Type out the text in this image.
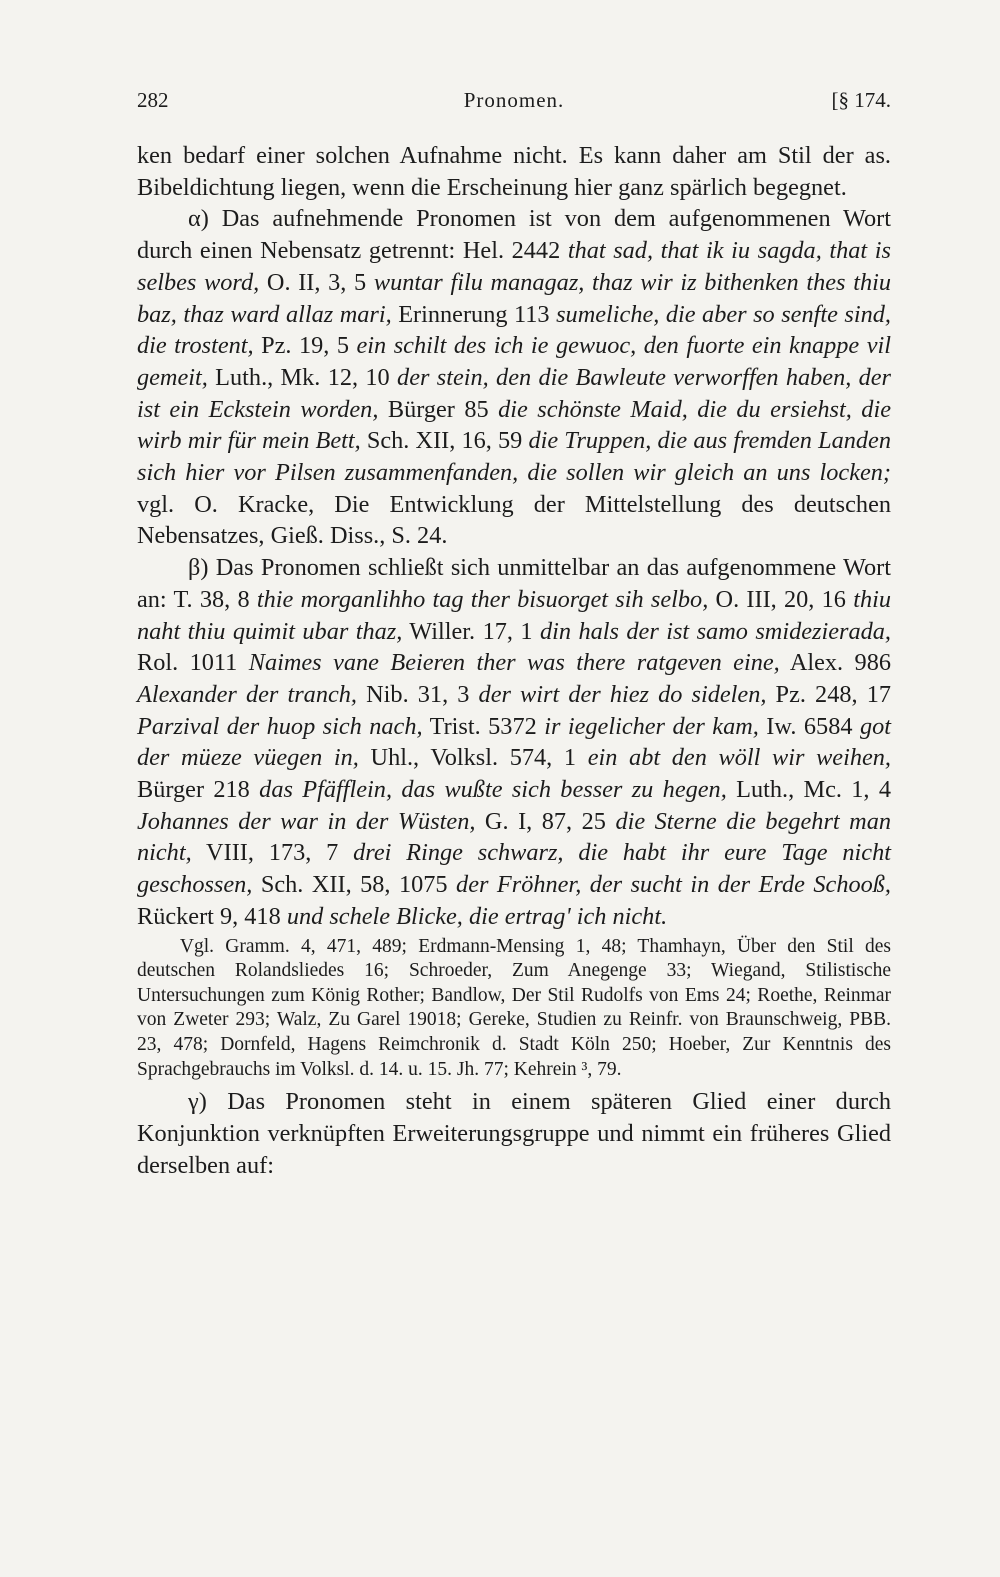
282	Pronomen.	[§ 174.

ken bedarf einer solchen Aufnahme nicht. Es kann daher am Stil der as. Bibeldichtung liegen, wenn die Erscheinung hier ganz spärlich begegnet.

α) Das aufnehmende Pronomen ist von dem aufgenommenen Wort durch einen Nebensatz getrennt: Hel. 2442 that sad, that ik iu sagda, that is selbes word, O. II, 3, 5 wuntar filu managaz, thaz wir iz bithenken thes thiu baz, thaz ward allaz mari, Erinnerung 113 sumeliche, die aber so senfte sind, die trostent, Pz. 19, 5 ein schilt des ich ie gewuoc, den fuorte ein knappe vil gemeit, Luth., Mk. 12, 10 der stein, den die Bawleute verworffen haben, der ist ein Eckstein worden, Bürger 85 die schönste Maid, die du ersiehst, die wirb mir für mein Bett, Sch. XII, 16, 59 die Truppen, die aus fremden Landen sich hier vor Pilsen zusammenfanden, die sollen wir gleich an uns locken; vgl. O. Kracke, Die Entwicklung der Mittelstellung des deutschen Nebensatzes, Gieß. Diss., S. 24.

β) Das Pronomen schließt sich unmittelbar an das aufgenommene Wort an: T. 38, 8 thie morganlihho tag ther bisuorget sih selbo, O. III, 20, 16 thiu naht thiu quimit ubar thaz, Willer. 17, 1 din hals der ist samo smidezierada, Rol. 1011 Naimes vane Beieren ther was there ratgeven eine, Alex. 986 Alexander der tranch, Nib. 31, 3 der wirt der hiez do sidelen, Pz. 248, 17 Parzival der huop sich nach, Trist. 5372 ir iegelicher der kam, Iw. 6584 got der müeze vüegen in, Uhl., Volksl. 574, 1 ein abt den wöll wir weihen, Bürger 218 das Pfäfflein, das wußte sich besser zu hegen, Luth., Mc. 1, 4 Johannes der war in der Wüsten, G. I, 87, 25 die Sterne die begehrt man nicht, VIII, 173, 7 drei Ringe schwarz, die habt ihr eure Tage nicht geschossen, Sch. XII, 58, 1075 der Fröhner, der sucht in der Erde Schooß, Rückert 9, 418 und schele Blicke, die ertrag' ich nicht.

Vgl. Gramm. 4, 471, 489; Erdmann-Mensing 1, 48; Thamhayn, Über den Stil des deutschen Rolandsliedes 16; Schroeder, Zum Anegenge 33; Wiegand, Stilistische Untersuchungen zum König Rother; Bandlow, Der Stil Rudolfs von Ems 24; Roethe, Reinmar von Zweter 293; Walz, Zu Garel 19018; Gereke, Studien zu Reinfr. von Braunschweig, PBB. 23, 478; Dornfeld, Hagens Reimchronik d. Stadt Köln 250; Hoeber, Zur Kenntnis des Sprachgebrauchs im Volksl. d. 14. u. 15. Jh. 77; Kehrein ³, 79.

γ) Das Pronomen steht in einem späteren Glied einer durch Konjunktion verknüpften Erweiterungsgruppe und nimmt ein früheres Glied derselben auf:
